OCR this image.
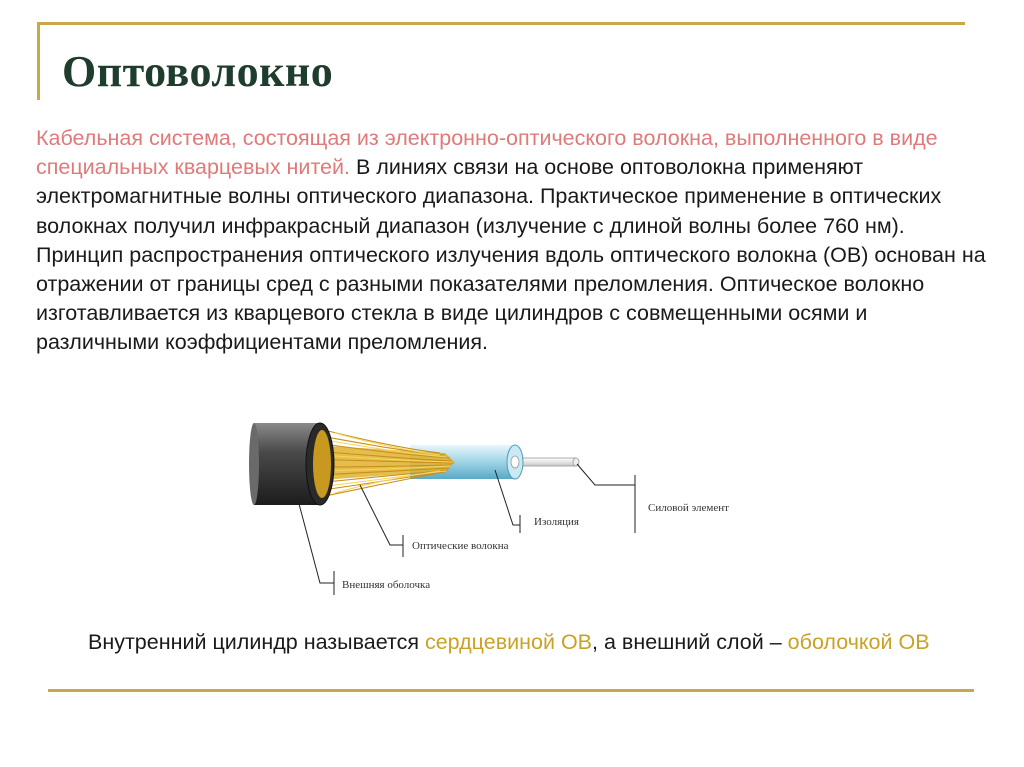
Оптоволокно

Кабельная система, состоящая из электронно-оптического волокна, выполненного в виде специальных кварцевых нитей. В линиях связи на основе оптоволокна применяют электромагнитные волны оптического диапазона. Практическое применение в оптических волокнах получил инфракрасный диапазон (излучение с длиной волны более 760 нм). Принцип распространения оптического излучения вдоль оптического волокна (ОВ) основан на отражении от границы сред с разными показателями преломления. Оптическое волокно изготавливается из кварцевого стекла в виде цилиндров с совмещенными осями и различными коэффициентами преломления.

Силовой элемент
Изоляция
Оптические волокна
Внешняя оболочка

Внутренний цилиндр называется сердцевиной ОВ, а внешний слой – оболочкой ОВ
